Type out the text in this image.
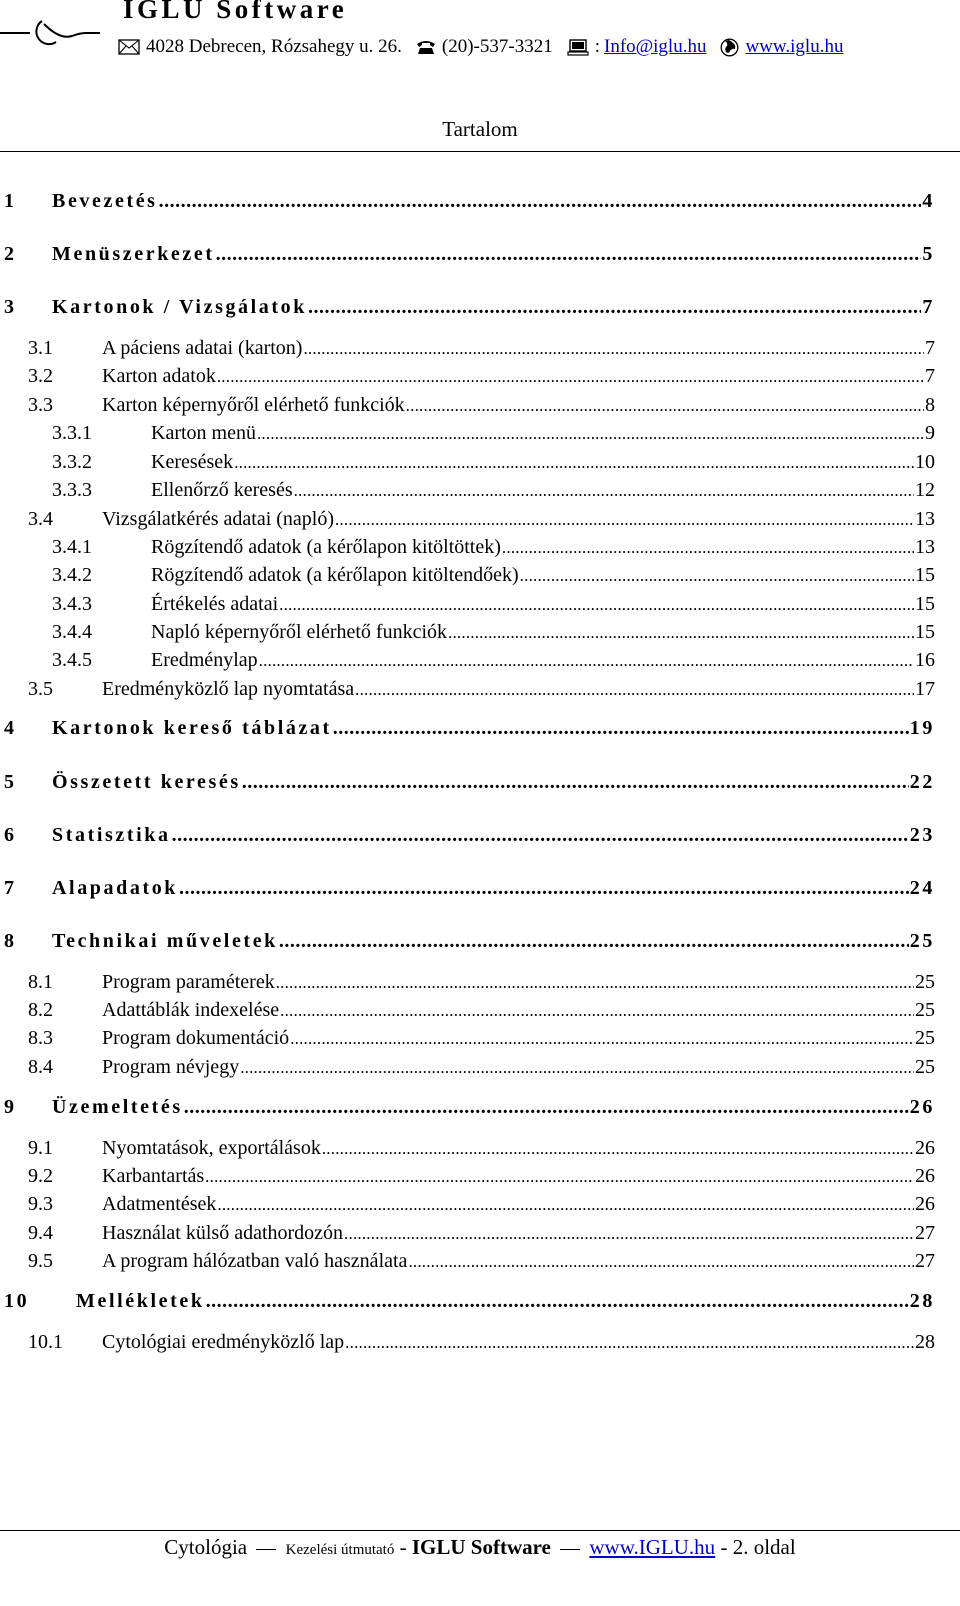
IGLU Software
4028 Debrecen, Rózsahegy u. 26. (20)-537-3321 : Info@iglu.hu www.iglu.hu
Tartalom
1	Bevezetés .....	4
2	Menüszerkezet .....	5
3	Kartonok / Vizsgálatok .....	7
3.1	A páciens adatai (karton) .....	7
3.2	Karton adatok .....	7
3.3	Karton képernyőről elérhető funkciók .....	8
3.3.1	Karton menü .....	9
3.3.2	Keresések .....	10
3.3.3	Ellenőrző keresés .....	12
3.4	Vizsgálatkérés adatai (napló) .....	13
3.4.1	Rögzítendő adatok (a kérőlapon kitöltöttek) .....	13
3.4.2	Rögzítendő adatok (a kérőlapon kitöltendőek) .....	15
3.4.3	Értékelés adatai .....	15
3.4.4	Napló képernyőről elérhető funkciók .....	15
3.4.5	Eredménylap .....	16
3.5	Eredményközlő lap nyomtatása .....	17
4	Kartonok kereső táblázat .....	19
5	Összetett keresés .....	22
6	Statisztika .....	23
7	Alapadatok .....	24
8	Technikai műveletek .....	25
8.1	Program paraméterek .....	25
8.2	Adattáblák indexelése .....	25
8.3	Program dokumentáció .....	25
8.4	Program névjegy .....	25
9	Üzemeltetés .....	26
9.1	Nyomtatások, exportálások .....	26
9.2	Karbantartás .....	26
9.3	Adatmentések .....	26
9.4	Használat külső adathordozón .....	27
9.5	A program hálózatban való használata .....	27
10	Mellékletek .....	28
10.1	Cytológiai eredményközlő lap .....	28
Cytológia	Kezelési útmutató - IGLU Software www.IGLU.hu - 2. oldal
